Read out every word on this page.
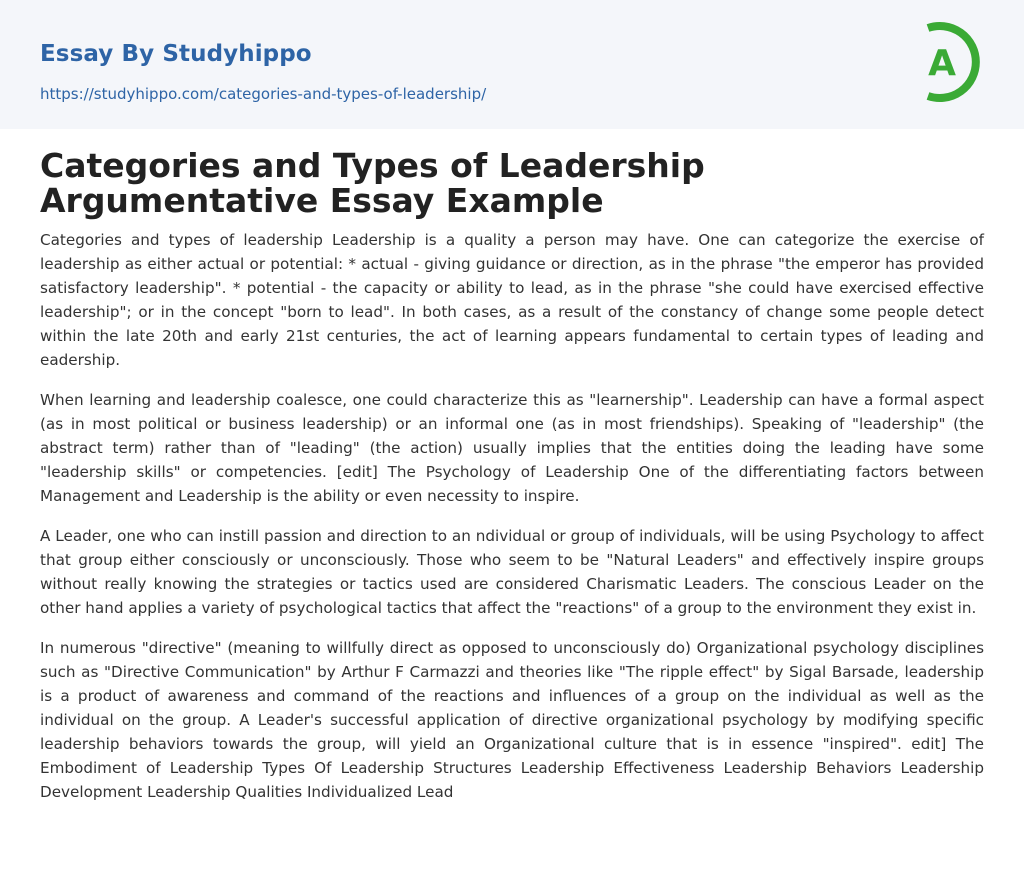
Essay By Studyhippo
https://studyhippo.com/categories-and-types-of-leadership/
A
Categories and Types of Leadership Argumentative Essay Example

Categories and types of leadership Leadership is a quality a person may have. One can categorize the exercise of leadership as either actual or potential: * actual - giving guidance or direction, as in the phrase "the emperor has provided satisfactory leadership". * potential - the capacity or ability to lead, as in the phrase "she could have exercised effective leadership"; or in the concept "born to lead". In both cases, as a result of the constancy of change some people detect within the late 20th and early 21st centuries, the act of learning appears fundamental to certain types of leading and eadership.

When learning and leadership coalesce, one could characterize this as "learnership". Leadership can have a formal aspect (as in most political or business leadership) or an informal one (as in most friendships). Speaking of "leadership" (the abstract term) rather than of "leading" (the action) usually implies that the entities doing the leading have some "leadership skills" or competencies. [edit] The Psychology of Leadership One of the differentiating factors between Management and Leadership is the ability or even necessity to inspire.

A Leader, one who can instill passion and direction to an ndividual or group of individuals, will be using Psychology to affect that group either consciously or unconsciously. Those who seem to be "Natural Leaders" and effectively inspire groups without really knowing the strategies or tactics used are considered Charismatic Leaders. The conscious Leader on the other hand applies a variety of psychological tactics that affect the "reactions" of a group to the environment they exist in.

In numerous "directive" (meaning to willfully direct as opposed to unconsciously do) Organizational psychology disciplines such as "Directive Communication" by Arthur F Carmazzi and theories like "The ripple effect" by Sigal Barsade, leadership is a product of awareness and command of the reactions and influences of a group on the individual as well as the individual on the group. A Leader's successful application of directive organizational psychology by modifying specific leadership behaviors towards the group, will yield an Organizational culture that is in essence "inspired". edit] The Embodiment of Leadership Types Of Leadership Structures Leadership Effectiveness Leadership Behaviors Leadership Development Leadership Qualities Individualized Lead
